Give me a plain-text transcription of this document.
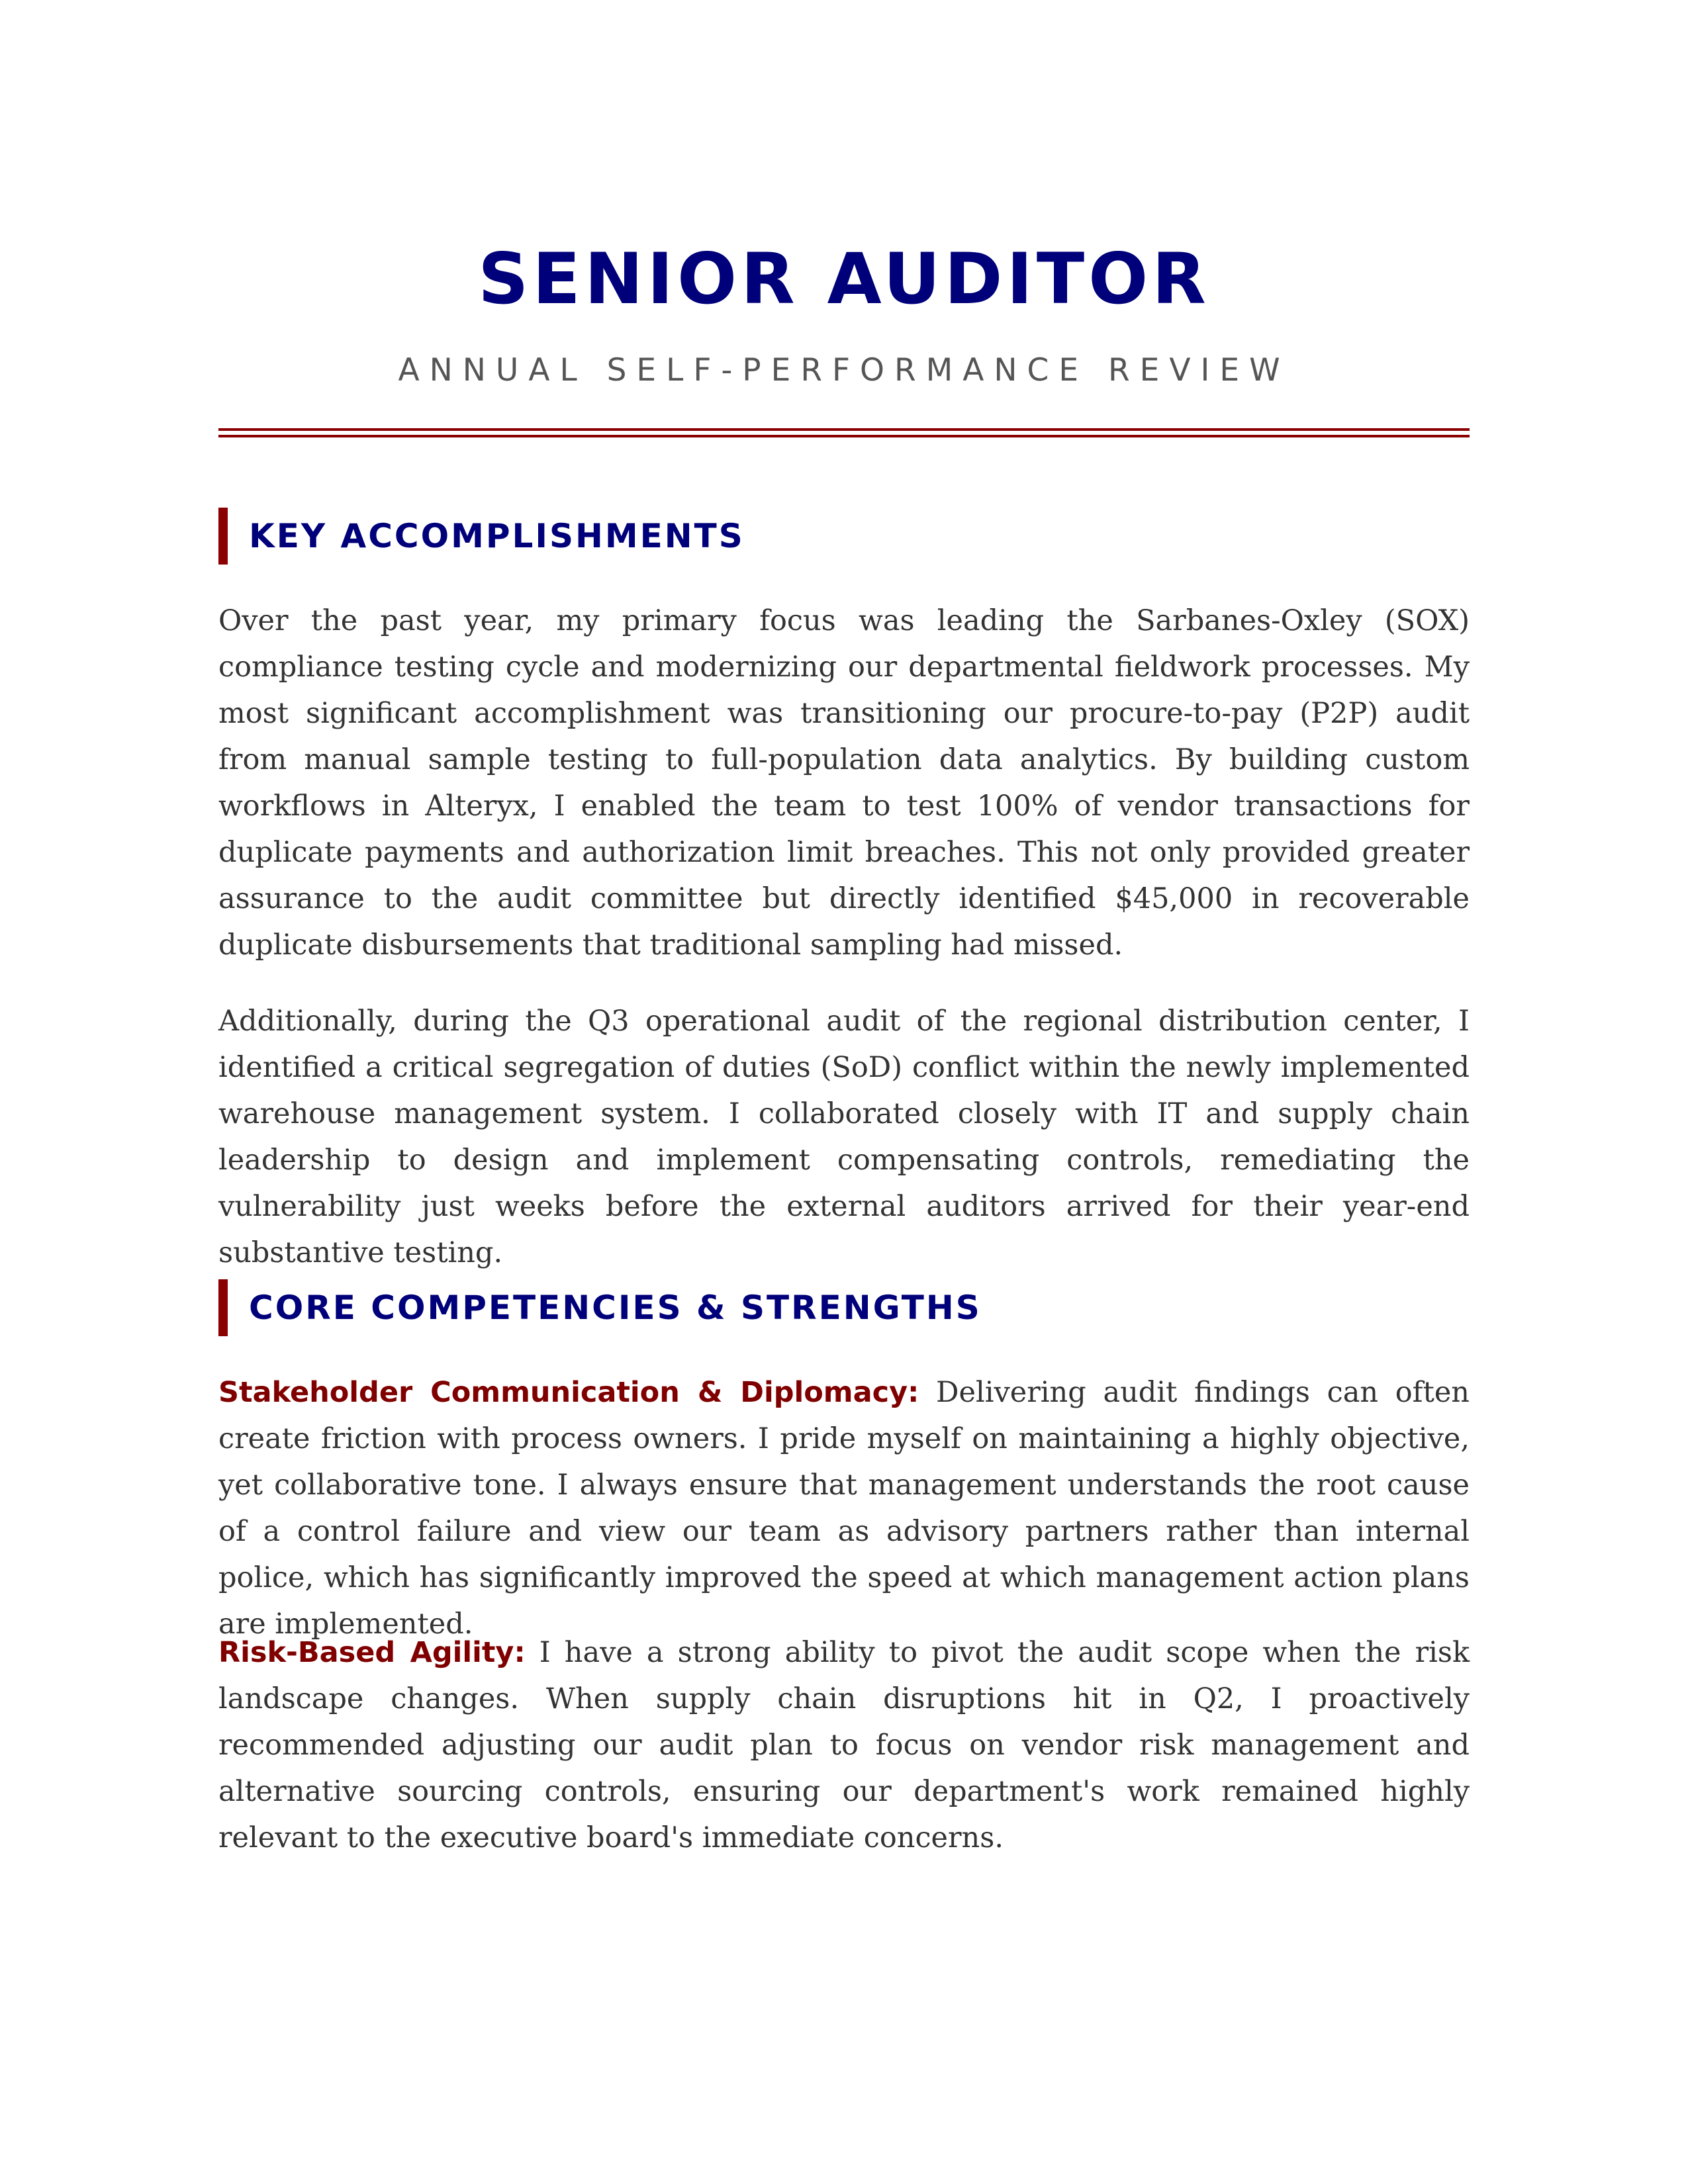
SENIOR AUDITOR
ANNUAL SELF-PERFORMANCE REVIEW
KEY ACCOMPLISHMENTS

Over the past year, my primary focus was leading the Sarbanes-Oxley (SOX) compliance testing cycle and modernizing our departmental fieldwork processes. My most significant accomplishment was transitioning our procure-to-pay (P2P) audit from manual sample testing to full-population data analytics. By building custom workflows in Alteryx, I enabled the team to test 100% of vendor transactions for duplicate payments and authorization limit breaches. This not only provided greater assurance to the audit committee but directly identified $45,000 in recoverable duplicate disbursements that traditional sampling had missed.

Additionally, during the Q3 operational audit of the regional distribution center, I identified a critical segregation of duties (SoD) conflict within the newly implemented warehouse management system. I collaborated closely with IT and supply chain leadership to design and implement compensating controls, remediating the vulnerability just weeks before the external auditors arrived for their year-end substantive testing.

CORE COMPETENCIES & STRENGTHS

Stakeholder Communication & Diplomacy: Delivering audit findings can often create friction with process owners. I pride myself on maintaining a highly objective, yet collaborative tone. I always ensure that management understands the root cause of a control failure and view our team as advisory partners rather than internal police, which has significantly improved the speed at which management action plans are implemented.

Risk-Based Agility: I have a strong ability to pivot the audit scope when the risk landscape changes. When supply chain disruptions hit in Q2, I proactively recommended adjusting our audit plan to focus on vendor risk management and alternative sourcing controls, ensuring our department's work remained highly relevant to the executive board's immediate concerns.
